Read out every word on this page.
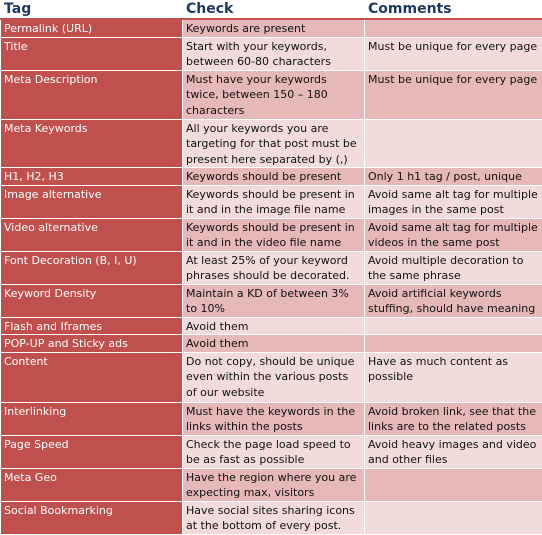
Tag	Check	Comments
Permalink (URL)	Keywords are present	
Title	Start with your keywords, between 60-80 characters	Must be unique for every page
Meta Description	Must have your keywords twice, between 150 – 180 characters	Must be unique for every page
Meta Keywords	All your keywords you are targeting for that post must be present here separated by (,)	
H1, H2, H3	Keywords should be present	Only 1 h1 tag / post, unique
Image alternative	Keywords should be present in it and in the image file name	Avoid same alt tag for multiple images in the same post
Video alternative	Keywords should be present in it and in the video file name	Avoid same alt tag for multiple videos in the same post
Font Decoration (B, I, U)	At least 25% of your keyword phrases should be decorated.	Avoid multiple decoration to the same phrase
Keyword Density	Maintain a KD of between 3% to 10%	Avoid artificial keywords stuffing, should have meaning
Flash and Iframes	Avoid them	
POP-UP and Sticky ads	Avoid them	
Content	Do not copy, should be unique even within the various posts of our website	Have as much content as possible
Interlinking	Must have the keywords in the links within the posts	Avoid broken link, see that the links are to the related posts
Page Speed	Check the page load speed to be as fast as possible	Avoid heavy images and video and other files
Meta Geo	Have the region where you are expecting max, visitors	
Social Bookmarking	Have social sites sharing icons at the bottom of every post.	
